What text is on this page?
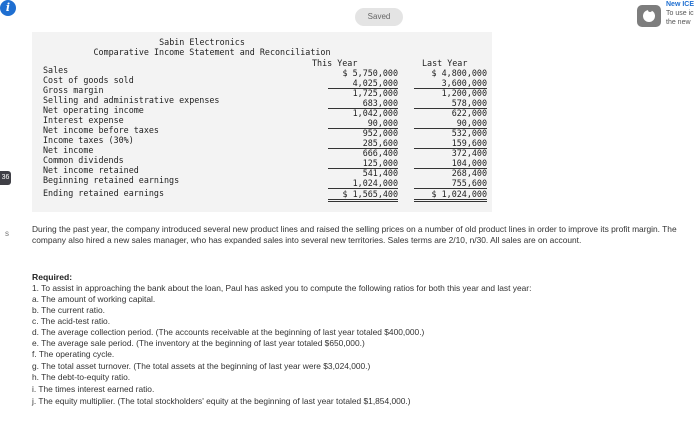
i
Saved
New ICE
To use ic
the new
36
s
Sabin Electronics
Comparative Income Statement and Reconciliation
This Year	Last Year
Sales	$ 5,750,000	$ 4,800,000
Cost of goods sold	4,025,000	3,600,000
Gross margin	1,725,000	1,200,000
Selling and administrative expenses	683,000	578,000
Net operating income	1,042,000	622,000
Interest expense	90,000	90,000
Net income before taxes	952,000	532,000
Income taxes (30%)	285,600	159,600
Net income	666,400	372,400
Common dividends	125,000	104,000
Net income retained	541,400	268,400
Beginning retained earnings	1,024,000	755,600
Ending retained earnings	$ 1,565,400	$ 1,024,000
During the past year, the company introduced several new product lines and raised the selling prices on a number of old product lines in order to improve its profit margin. The company also hired a new sales manager, who has expanded sales into several new territories. Sales terms are 2/10, n/30. All sales are on account.
Required:
1. To assist in approaching the bank about the loan, Paul has asked you to compute the following ratios for both this year and last year:
a. The amount of working capital.
b. The current ratio.
c. The acid-test ratio.
d. The average collection period. (The accounts receivable at the beginning of last year totaled $400,000.)
e. The average sale period. (The inventory at the beginning of last year totaled $650,000.)
f. The operating cycle.
g. The total asset turnover. (The total assets at the beginning of last year were $3,024,000.)
h. The debt-to-equity ratio.
i. The times interest earned ratio.
j. The equity multiplier. (The total stockholders' equity at the beginning of last year totaled $1,854,000.)
